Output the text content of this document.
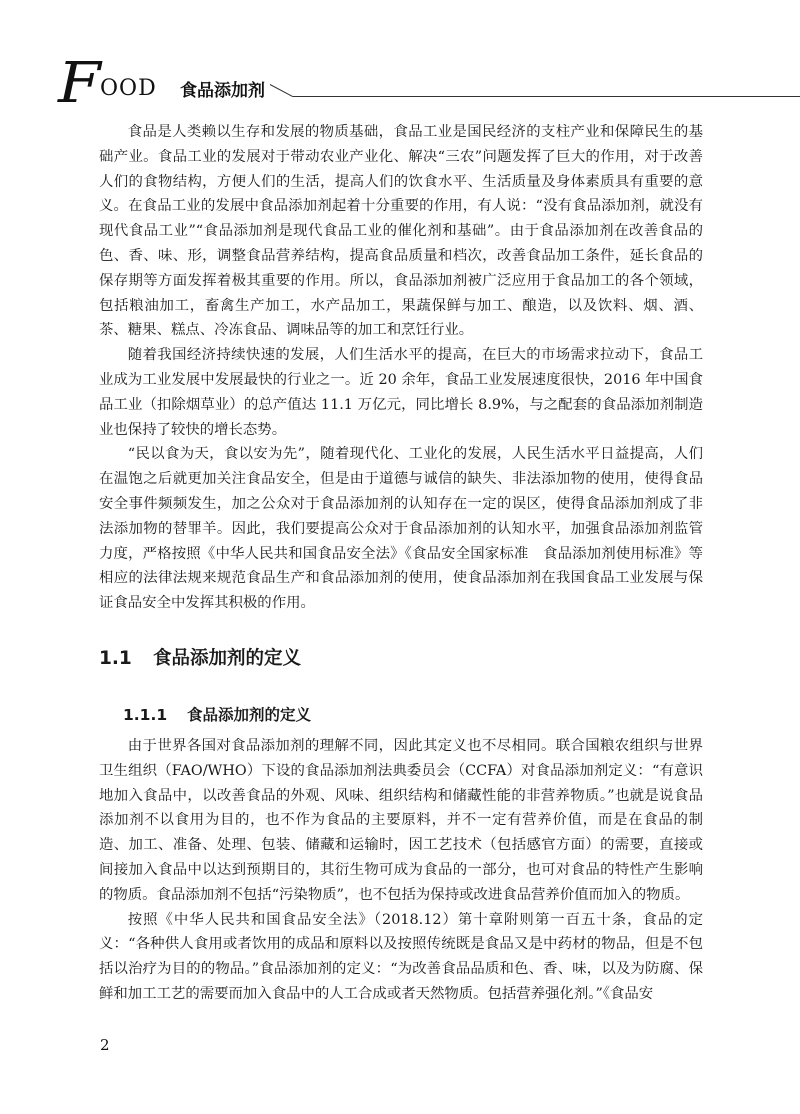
F OOD 食品添加剂

食品是人类赖以生存和发展的物质基础，食品工业是国民经济的支柱产业和保障民生的基础产业。食品工业的发展对于带动农业产业化、解决“三农”问题发挥了巨大的作用，对于改善人们的食物结构，方便人们的生活，提高人们的饮食水平、生活质量及身体素质具有重要的意义。在食品工业的发展中食品添加剂起着十分重要的作用，有人说：“没有食品添加剂，就没有现代食品工业”“食品添加剂是现代食品工业的催化剂和基础”。由于食品添加剂在改善食品的色、香、味、形，调整食品营养结构，提高食品质量和档次，改善食品加工条件，延长食品的保存期等方面发挥着极其重要的作用。所以，食品添加剂被广泛应用于食品加工的各个领域，包括粮油加工，畜禽生产加工，水产品加工，果蔬保鲜与加工、酿造，以及饮料、烟、酒、茶、糖果、糕点、冷冻食品、调味品等的加工和烹饪行业。

随着我国经济持续快速的发展，人们生活水平的提高，在巨大的市场需求拉动下，食品工业成为工业发展中发展最快的行业之一。近 20 余年，食品工业发展速度很快，2016 年中国食品工业（扣除烟草业）的总产值达 11.1 万亿元，同比增长 8.9%，与之配套的食品添加剂制造业也保持了较快的增长态势。

“民以食为天，食以安为先”，随着现代化、工业化的发展，人民生活水平日益提高，人们在温饱之后就更加关注食品安全，但是由于道德与诚信的缺失、非法添加物的使用，使得食品安全事件频频发生，加之公众对于食品添加剂的认知存在一定的误区，使得食品添加剂成了非法添加物的替罪羊。因此，我们要提高公众对于食品添加剂的认知水平，加强食品添加剂监管力度，严格按照《中华人民共和国食品安全法》《食品安全国家标准　食品添加剂使用标准》等相应的法律法规来规范食品生产和食品添加剂的使用，使食品添加剂在我国食品工业发展与保证食品安全中发挥其积极的作用。

1.1 食品添加剂的定义
1.1.1 食品添加剂的定义

由于世界各国对食品添加剂的理解不同，因此其定义也不尽相同。联合国粮农组织与世界卫生组织（FAO/WHO）下设的食品添加剂法典委员会（CCFA）对食品添加剂定义：“有意识地加入食品中，以改善食品的外观、风味、组织结构和储藏性能的非营养物质。”也就是说食品添加剂不以食用为目的，也不作为食品的主要原料，并不一定有营养价值，而是在食品的制造、加工、准备、处理、包装、储藏和运输时，因工艺技术（包括感官方面）的需要，直接或间接加入食品中以达到预期目的，其衍生物可成为食品的一部分，也可对食品的特性产生影响的物质。食品添加剂不包括“污染物质”，也不包括为保持或改进食品营养价值而加入的物质。

按照《中华人民共和国食品安全法》（2018.12）第十章附则第一百五十条，食品的定义：“各种供人食用或者饮用的成品和原料以及按照传统既是食品又是中药材的物品，但是不包括以治疗为目的的物品。”食品添加剂的定义：“为改善食品品质和色、香、味，以及为防腐、保鲜和加工工艺的需要而加入食品中的人工合成或者天然物质。包括营养强化剂。”《食品安

2
